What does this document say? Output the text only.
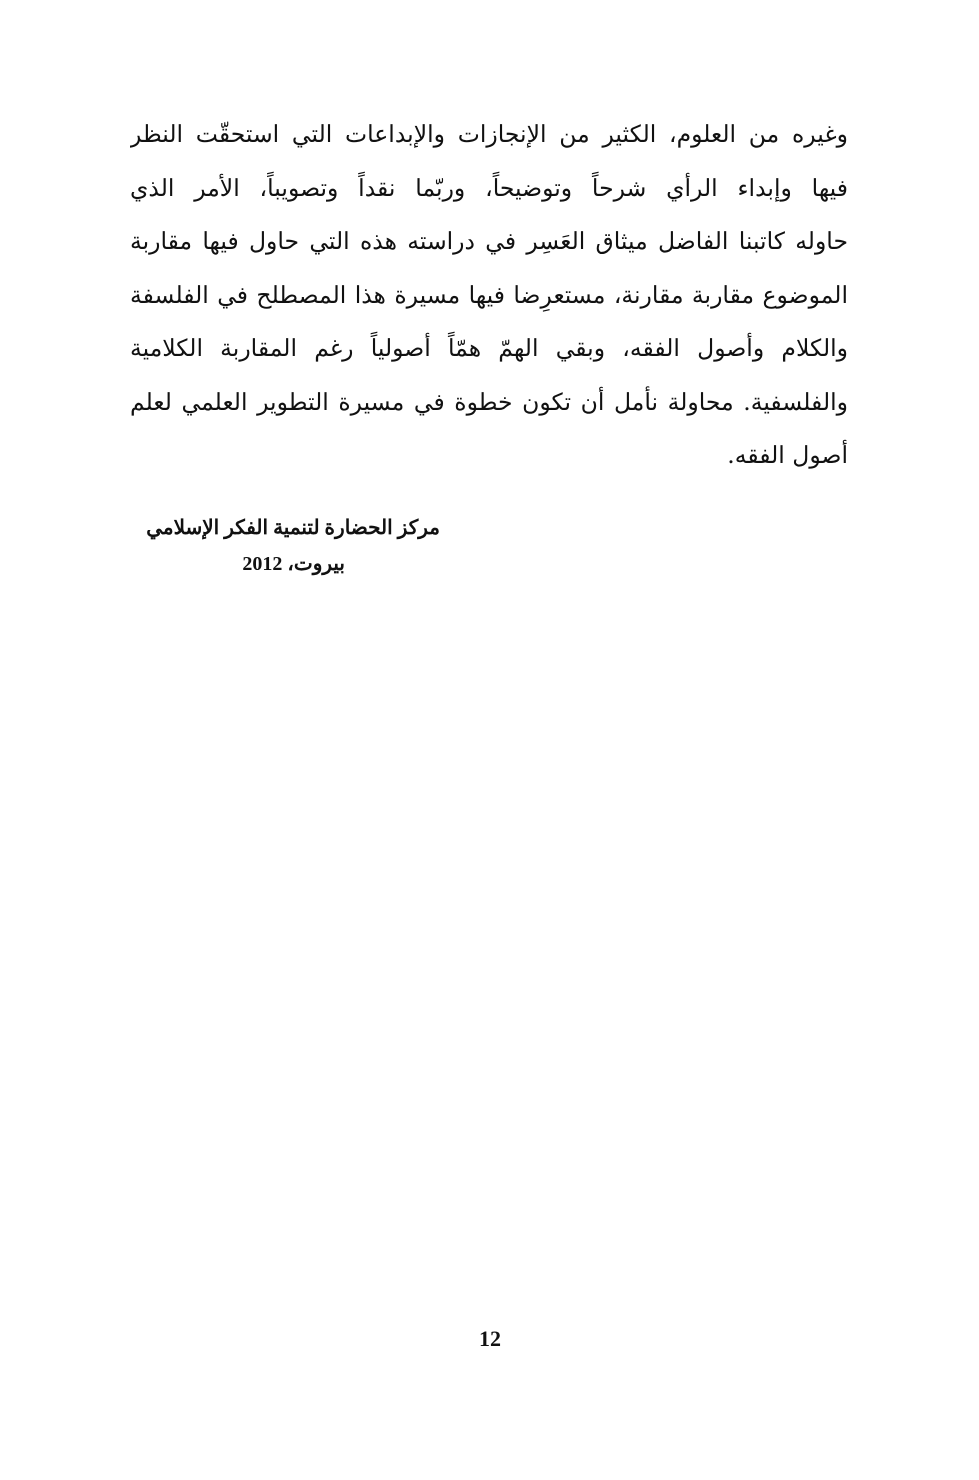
وغيره من العلوم، الكثير من الإنجازات والإبداعات التي استحقّت النظر
فيها وإبداء الرأي شرحاً وتوضيحاً، وربّما نقداً وتصويباً، الأمر الذي
حاوله كاتبنا الفاضل ميثاق العَسِر في دراسته هذه التي حاول فيها مقاربة
الموضوع مقاربة مقارنة، مستعرِضا فيها مسيرة هذا المصطلح في الفلسفة
والكلام وأصول الفقه، وبقي الهمّ همّاً أصولياً رغم المقاربة الكلامية
والفلسفية. محاولة نأمل أن تكون خطوة في مسيرة التطوير العلمي لعلم
أصول الفقه.
مركز الحضارة لتنمية الفكر الإسلامي
بيروت، 2012
12
